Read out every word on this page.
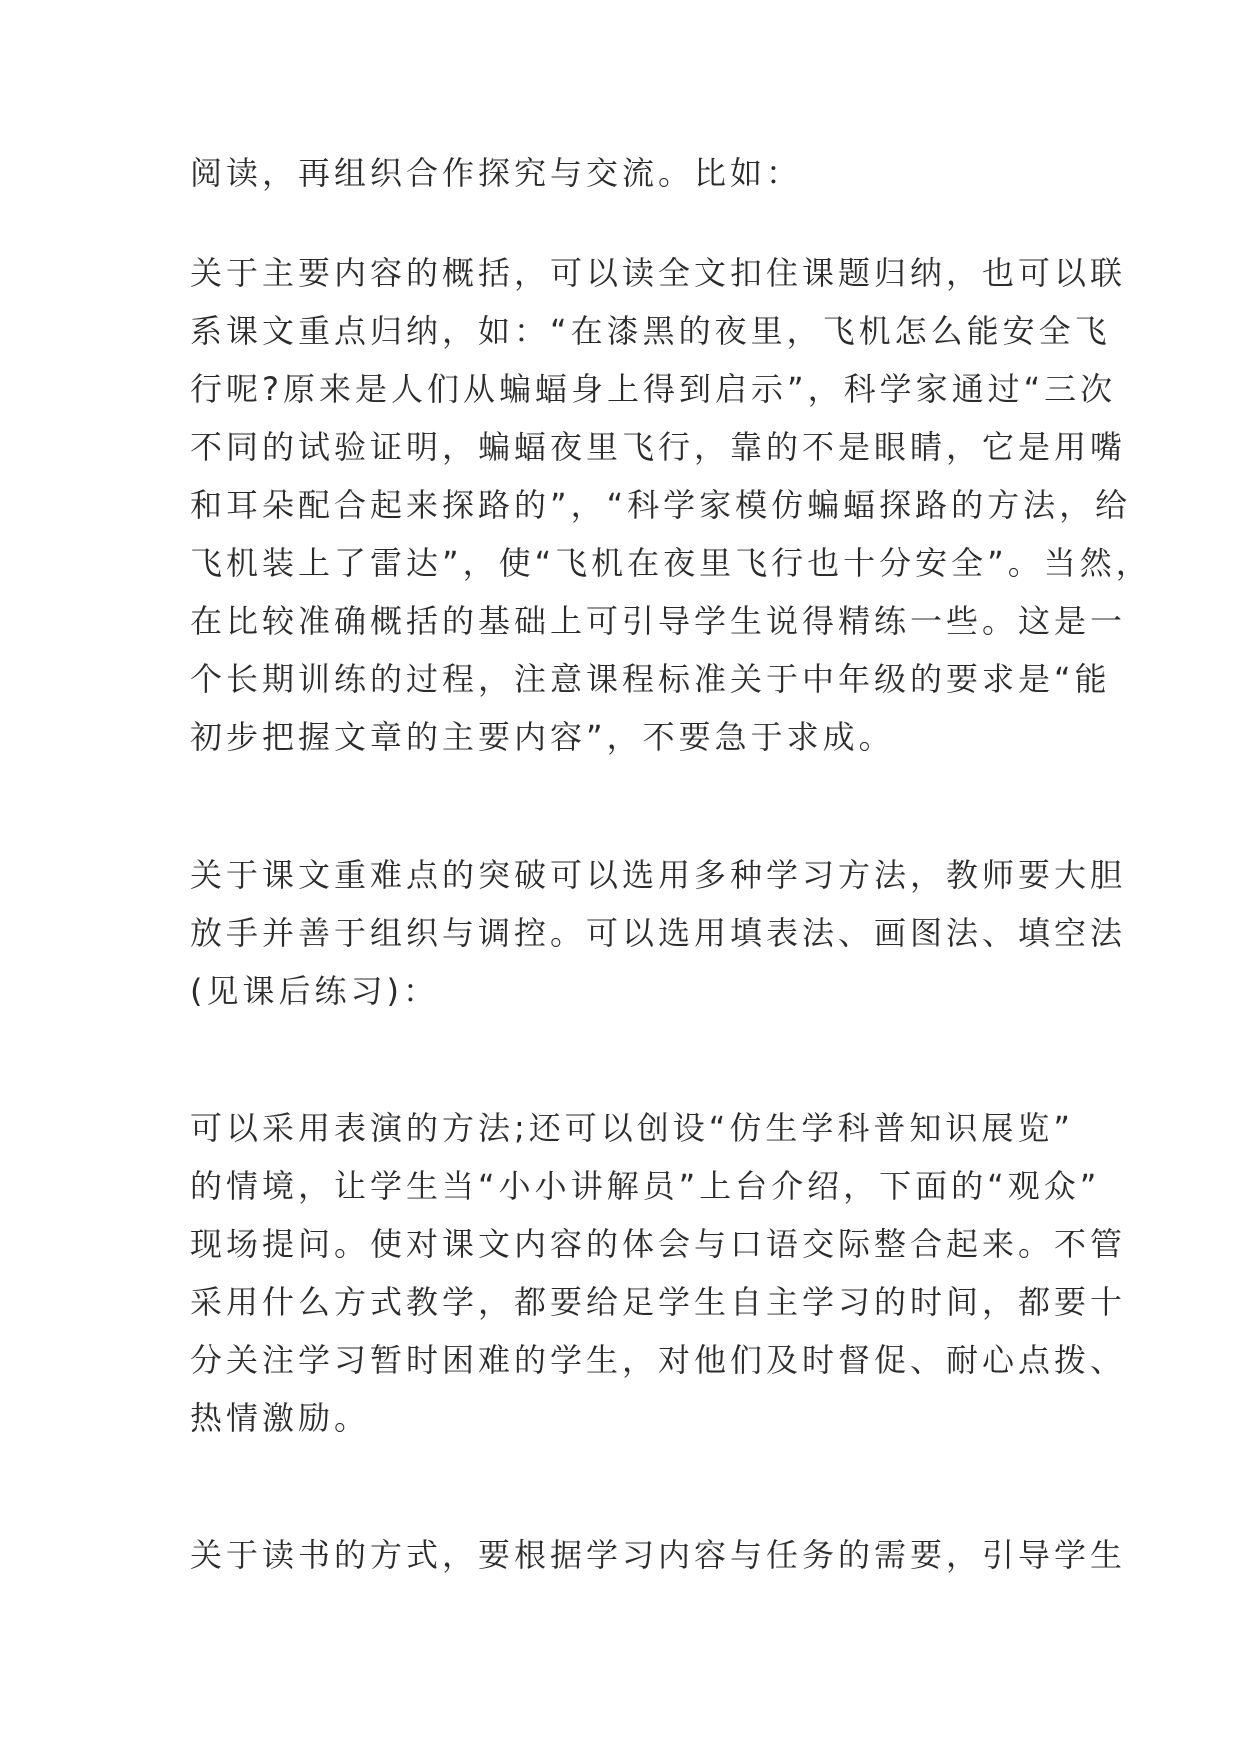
阅读，再组织合作探究与交流。比如：

关于主要内容的概括，可以读全文扣住课题归纳，也可以联

系课文重点归纳，如：“在漆黑的夜里，飞机怎么能安全飞

行呢?原来是人们从蝙蝠身上得到启示”，科学家通过“三次

不同的试验证明，蝙蝠夜里飞行，靠的不是眼睛，它是用嘴

和耳朵配合起来探路的”，“科学家模仿蝙蝠探路的方法，给

飞机装上了雷达”，使“飞机在夜里飞行也十分安全”。当然，

在比较准确概括的基础上可引导学生说得精练一些。这是一

个长期训练的过程，注意课程标准关于中年级的要求是“能

初步把握文章的主要内容”，不要急于求成。

关于课文重难点的突破可以选用多种学习方法，教师要大胆

放手并善于组织与调控。可以选用填表法、画图法、填空法

(见课后练习)：

可以采用表演的方法;还可以创设“仿生学科普知识展览”

的情境，让学生当“小小讲解员”上台介绍，下面的“观众”

现场提问。使对课文内容的体会与口语交际整合起来。不管

采用什么方式教学，都要给足学生自主学习的时间，都要十

分关注学习暂时困难的学生，对他们及时督促、耐心点拨、

热情激励。

关于读书的方式，要根据学习内容与任务的需要，引导学生
